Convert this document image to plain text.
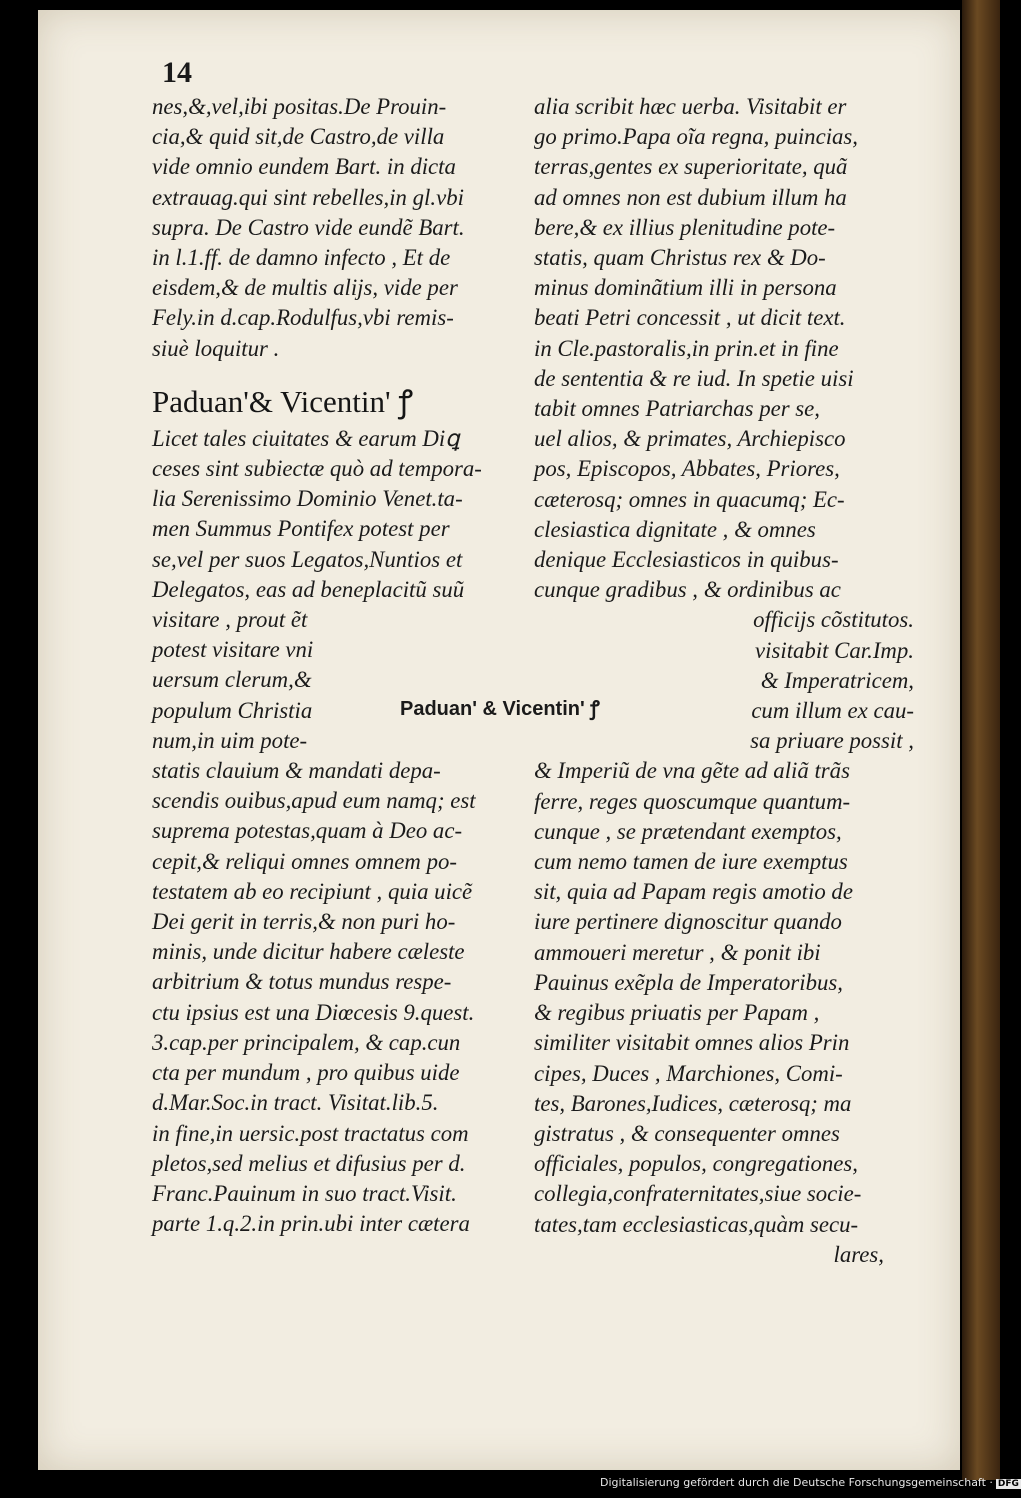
14
nes,&,vel,ibi positas.De Prouin-
cia,& quid sit,de Castro,de villa
vide omnio eundem Bart. in dicta
extrauag.qui sint rebelles,in gl.vbi
supra. De Castro vide eundẽ Bart.
in l.1.ff. de damno infecto , Et de
eisdem,& de multis alijs, vide per
Fely.in d.cap.Rodulfus,vbi remis-
siuè loquitur .
Paduan'& Vicentin' ꝭ
Licet tales ciuitates & earum Diꝗ
ceses sint subiectæ quò ad tempora-
lia Serenissimo Dominio Venet.ta-
men Summus Pontifex potest per
se,vel per suos Legatos,Nuntios et
Delegatos, eas ad beneplacitũ suũ
visitare , prout ẽt
potest visitare vni
uersum clerum,&
populum Christia
num,in uim pote-
statis clauium & mandati depa-
scendis ouibus,apud eum namq; est
suprema potestas,quam à Deo ac-
cepit,& reliqui omnes omnem po-
testatem ab eo recipiunt , quia uicẽ
Dei gerit in terris,& non puri ho-
minis, unde dicitur habere cæleste
arbitrium & totus mundus respe-
ctu ipsius est una Diœcesis 9.quest.
3.cap.per principalem, & cap.cun
cta per mundum , pro quibus uide
d.Mar.Soc.in tract. Visitat.lib.5.
in fine,in uersic.post tractatus com
pletos,sed melius et difusius per d.
Franc.Pauinum in suo tract.Visit.
parte 1.q.2.in prin.ubi inter cætera
Paduan' & Vicentin' ꝭ
alia scribit hæc uerba. Visitabit er
go primo.Papa oĩa regna, puincias,
terras,gentes ex superioritate, quã
ad omnes non est dubium illum ha
bere,& ex illius plenitudine pote-
statis, quam Christus rex & Do-
minus dominãtium illi in persona
beati Petri concessit , ut dicit text.
in Cle.pastoralis,in prin.et in fine
de sententia & re iud. In spetie uisi
tabit omnes Patriarchas per se,
uel alios, & primates, Archiepisco
pos, Episcopos, Abbates, Priores,
cæterosq; omnes in quacumq; Ec-
clesiastica dignitate , & omnes
denique Ecclesiasticos in quibus-
cunque gradibus , & ordinibus ac
officijs cõstitutos.
visitabit Car.Imp.
& Imperatricem,
cum illum ex cau-
sa priuare possit ,
& Imperiũ de vna gẽte ad aliã trãs
ferre, reges quoscumque quantum-
cunque , se prætendant exemptos,
cum nemo tamen de iure exemptus
sit, quia ad Papam regis amotio de
iure pertinere dignoscitur quando
ammoueri meretur , & ponit ibi
Pauinus exẽpla de Imperatoribus,
& regibus priuatis per Papam ,
similiter visitabit omnes alios Prin
cipes, Duces , Marchiones, Comi-
tes, Barones,Iudices, cæterosq; ma
gistratus , & consequenter omnes
officiales, populos, congregationes,
collegia,confraternitates,siue socie-
tates,tam ecclesiasticas,quàm secu-
lares,
Digitalisierung gefördert durch die Deutsche Forschungsgemeinschaft · DFG
